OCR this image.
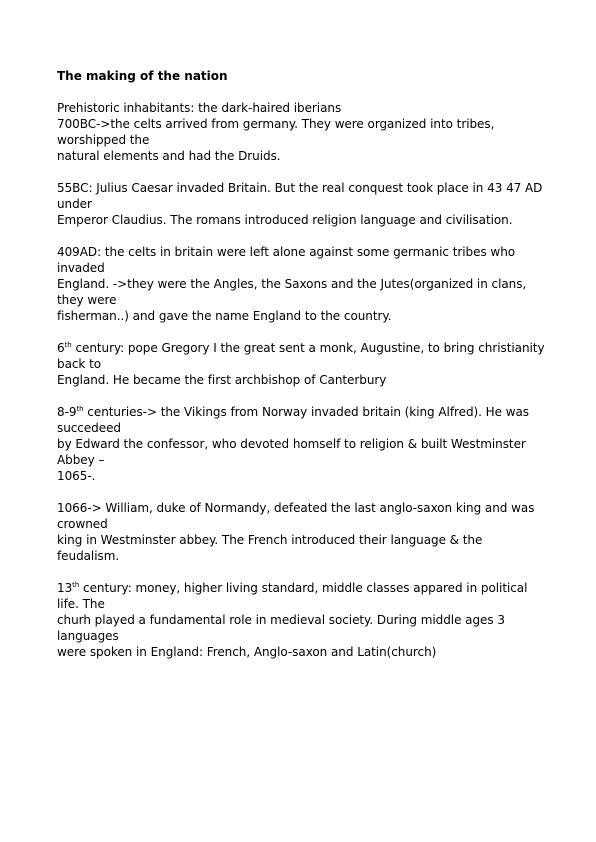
The making of the nation
Prehistoric inhabitants: the dark-haired iberians
700BC->the celts arrived from germany. They were organized into tribes, worshipped the
natural elements and had the Druids.
55BC: Julius Caesar invaded Britain. But the real conquest took place in 43 47 AD under
Emperor Claudius. The romans introduced religion language and civilisation.
409AD: the celts in britain were left alone against some germanic tribes who invaded
England. ->they were the Angles, the Saxons and the Jutes(organized in clans, they were
fisherman..) and gave the name England to the country.
6th century: pope Gregory I the great sent a monk, Augustine, to bring christianity back to
England. He became the first archbishop of Canterbury
8-9th centuries-> the Vikings from Norway invaded britain (king Alfred). He was succedeed
by Edward the confessor, who devoted homself to religion & built Westminster Abbey –
1065-.
1066-> William, duke of Normandy, defeated the last anglo-saxon king and was crowned
king in Westminster abbey. The French introduced their language & the feudalism.
13th century: money, higher living standard, middle classes appared in political life. The
churh played a fundamental role in medieval society. During middle ages 3 languages
were spoken in England: French, Anglo-saxon and Latin(church)
